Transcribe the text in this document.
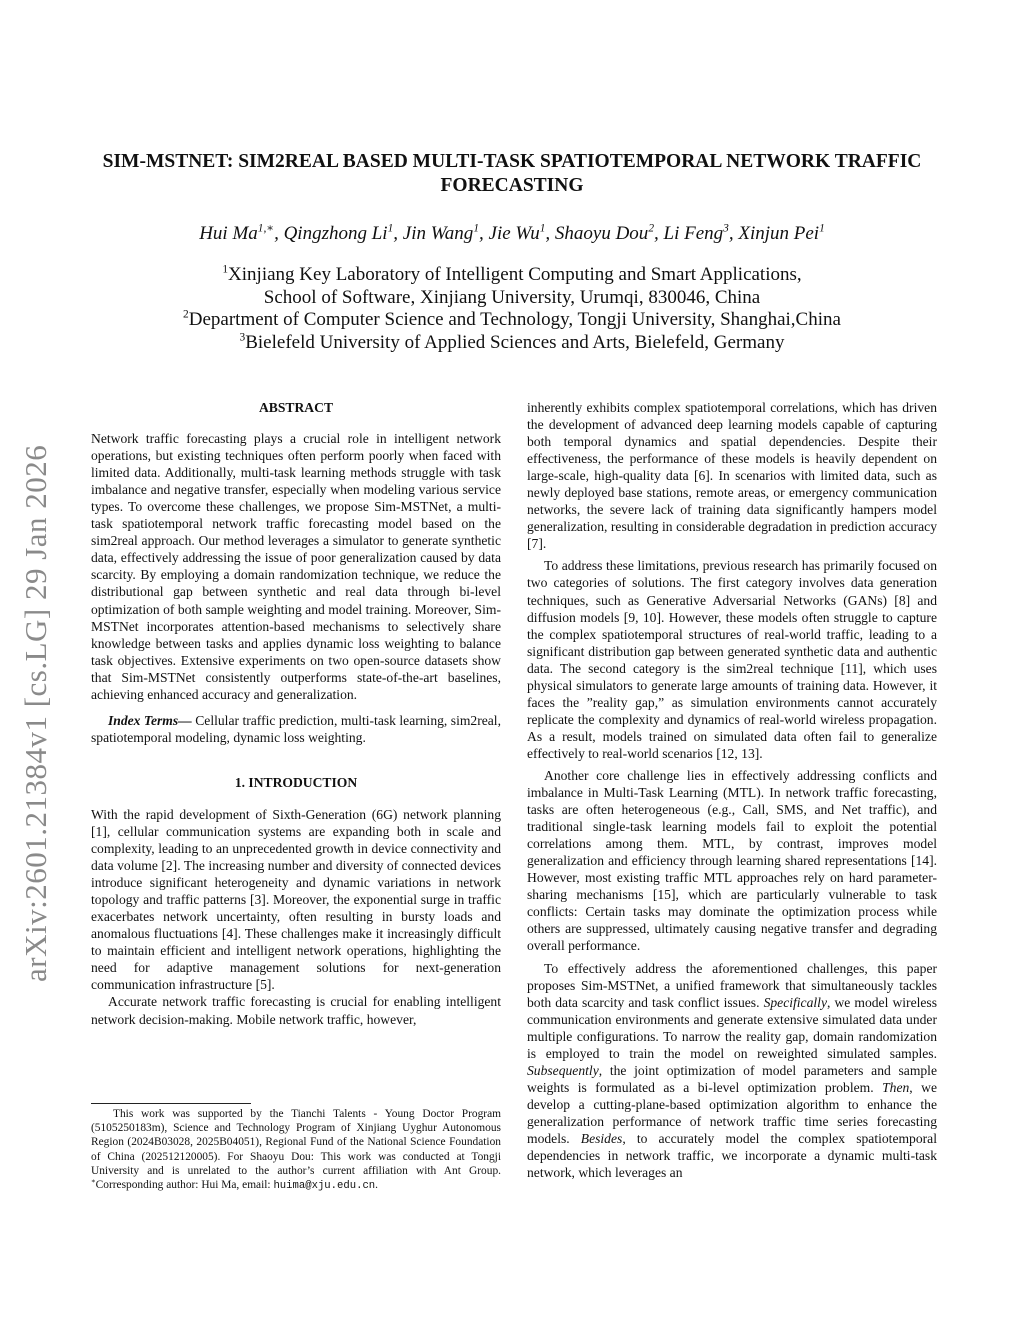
arXiv:2601.21384v1 [cs.LG] 29 Jan 2026
SIM-MSTNET: SIM2REAL BASED MULTI-TASK SPATIOTEMPORAL NETWORK TRAFFIC
FORECASTING
Hui $Ma^{1,∗}$, Qingzhong Li$^1$, Jin Wang$^1$, Jie Wu$^1$, Shaoyu Dou$^2$, Li Feng$^3$, Xinjun Pei$^1$
$^1$Xinjiang Key Laboratory of Intelligent Computing and Smart Applications,
School of Software, Xinjiang University, Urumqi, 830046, China
$^2$Department of Computer Science and Technology, Tongji University, Shanghai,China
$^3$Bielefeld University of Applied Sciences and Arts, Bielefeld, Germany
ABSTRACT

Network traffic forecasting plays a crucial role in intelligent network operations, but existing techniques often perform poorly when faced with limited data. Additionally, multi-task learning methods struggle with task imbalance and negative transfer, especially when modeling various service types. To overcome these challenges, we propose Sim-MSTNet, a multi-task spatiotemporal network traffic forecasting model based on the sim2real approach. Our method leverages a simulator to generate synthetic data, effectively addressing the issue of poor generalization caused by data scarcity. By employing a domain randomization technique, we reduce the distributional gap between synthetic and real data through bi-level optimization of both sample weighting and model training. Moreover, Sim-MSTNet incorporates attention-based mechanisms to selectively share knowledge between tasks and applies dynamic loss weighting to balance task objectives. Extensive experiments on two open-source datasets show that Sim-MSTNet consistently outperforms state-of-the-art baselines, achieving enhanced accuracy and generalization.

Index Terms— Cellular traffic prediction, multi-task learning, sim2real, spatiotemporal modeling, dynamic loss weighting.

1. INTRODUCTION

With the rapid development of Sixth-Generation (6G) network planning [1], cellular communication systems are expanding both in scale and complexity, leading to an unprecedented growth in device connectivity and data volume [2]. The increasing number and diversity of connected devices introduce significant heterogeneity and dynamic variations in network topology and traffic patterns [3]. Moreover, the exponential surge in traffic exacerbates network uncertainty, often resulting in bursty loads and anomalous fluctuations [4]. These challenges make it increasingly difficult to maintain efficient and intelligent network operations, highlighting the need for adaptive management solutions for next-generation communication infrastructure [5].

Accurate network traffic forecasting is crucial for enabling intelligent network decision-making. Mobile network traffic, however,

This work was supported by the Tianchi Talents - Young Doctor Program (5105250183m), Science and Technology Program of Xinjiang Uyghur Autonomous Region (2024B03028, 2025B04051), Regional Fund of the National Science Foundation of China (202512120005). For Shaoyu Dou: This work was conducted at Tongji University and is unrelated to the author’s current affiliation with Ant Group. ∗Corresponding author: Hui Ma, email: huima@xju.edu.cn.

inherently exhibits complex spatiotemporal correlations, which has driven the development of advanced deep learning models capable of capturing both temporal dynamics and spatial dependencies. Despite their effectiveness, the performance of these models is heavily dependent on large-scale, high-quality data [6]. In scenarios with limited data, such as newly deployed base stations, remote areas, or emergency communication networks, the severe lack of training data significantly hampers model generalization, resulting in considerable degradation in prediction accuracy [7].

To address these limitations, previous research has primarily focused on two categories of solutions. The first category involves data generation techniques, such as Generative Adversarial Networks (GANs) [8] and diffusion models [9, 10]. However, these models often struggle to capture the complex spatiotemporal structures of real-world traffic, leading to a significant distribution gap between generated synthetic data and authentic data. The second category is the sim2real technique [11], which uses physical simulators to generate large amounts of training data. However, it faces the ”reality gap,” as simulation environments cannot accurately replicate the complexity and dynamics of real-world wireless propagation. As a result, models trained on simulated data often fail to generalize effectively to real-world scenarios [12, 13].

Another core challenge lies in effectively addressing conflicts and imbalance in Multi-Task Learning (MTL). In network traffic forecasting, tasks are often heterogeneous (e.g., Call, SMS, and Net traffic), and traditional single-task learning models fail to exploit the potential correlations among them. MTL, by contrast, improves model generalization and efficiency through learning shared representations [14]. However, most existing traffic MTL approaches rely on hard parameter-sharing mechanisms [15], which are particularly vulnerable to task conflicts: Certain tasks may dominate the optimization process while others are suppressed, ultimately causing negative transfer and degrading overall performance.

To effectively address the aforementioned challenges, this paper proposes Sim-MSTNet, a unified framework that simultaneously tackles both data scarcity and task conflict issues. Specifically, we model wireless communication environments and generate extensive simulated data under multiple configurations. To narrow the reality gap, domain randomization is employed to train the model on reweighted simulated samples. Subsequently, the joint optimization of model parameters and sample weights is formulated as a bi-level optimization problem. Then, we develop a cutting-plane-based optimization algorithm to enhance the generalization performance of network traffic time series forecasting models. Besides, to accurately model the complex spatiotemporal dependencies in network traffic, we incorporate a dynamic multi-task network, which leverages an
